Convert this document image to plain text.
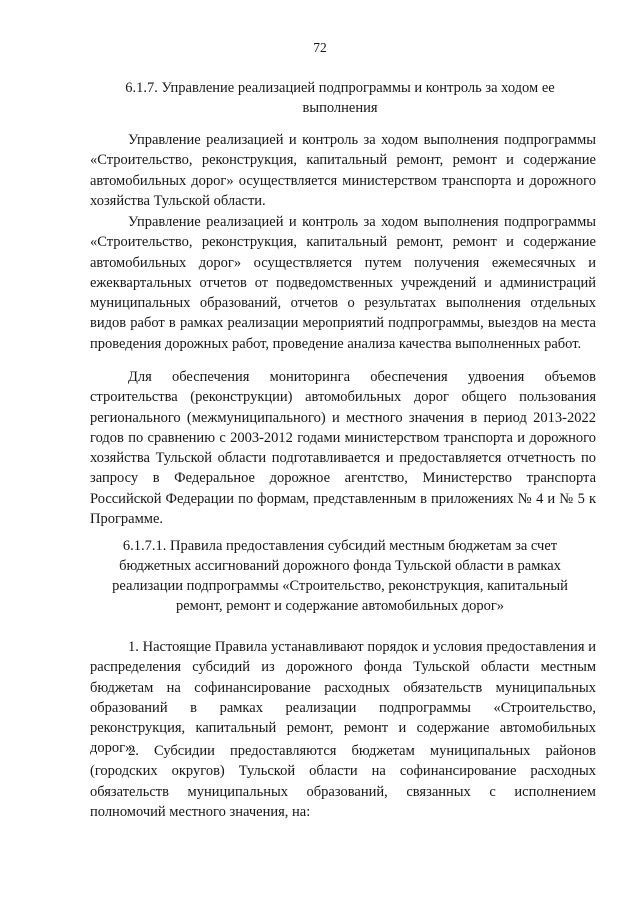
72
6.1.7. Управление реализацией подпрограммы и контроль за ходом ее выполнения

Управление реализацией и контроль за ходом выполнения подпрограммы «Строительство, реконструкция, капитальный ремонт, ремонт и содержание автомобильных дорог» осуществляется министерством транспорта и дорожного хозяйства Тульской области.

Управление реализацией и контроль за ходом выполнения подпрограммы «Строительство, реконструкция, капитальный ремонт, ремонт и содержание автомобильных дорог» осуществляется путем получения ежемесячных и ежеквартальных отчетов от подведомственных учреждений и администраций муниципальных образований, отчетов о результатах выполнения отдельных видов работ в рамках реализации мероприятий подпрограммы, выездов на места проведения дорожных работ, проведение анализа качества выполненных работ.

Для обеспечения мониторинга обеспечения удвоения объемов строительства (реконструкции) автомобильных дорог общего пользования регионального (межмуниципального) и местного значения в период 2013-2022 годов по сравнению с 2003-2012 годами министерством транспорта и дорожного хозяйства Тульской области подготавливается и предоставляется отчетность по запросу в Федеральное дорожное агентство, Министерство транспорта Российской Федерации по формам, представленным в приложениях № 4 и № 5 к Программе.

6.1.7.1. Правила предоставления субсидий местным бюджетам за счет бюджетных ассигнований дорожного фонда Тульской области в рамках реализации подпрограммы «Строительство, реконструкция, капитальный ремонт, ремонт и содержание автомобильных дорог»

1. Настоящие Правила устанавливают порядок и условия предоставления и распределения субсидий из дорожного фонда Тульской области местным бюджетам на софинансирование расходных обязательств муниципальных образований в рамках реализации подпрограммы «Строительство, реконструкция, капитальный ремонт, ремонт и содержание автомобильных дорог».

2. Субсидии предоставляются бюджетам муниципальных районов (городских округов) Тульской области на софинансирование расходных обязательств муниципальных образований, связанных с исполнением полномочий местного значения, на:
